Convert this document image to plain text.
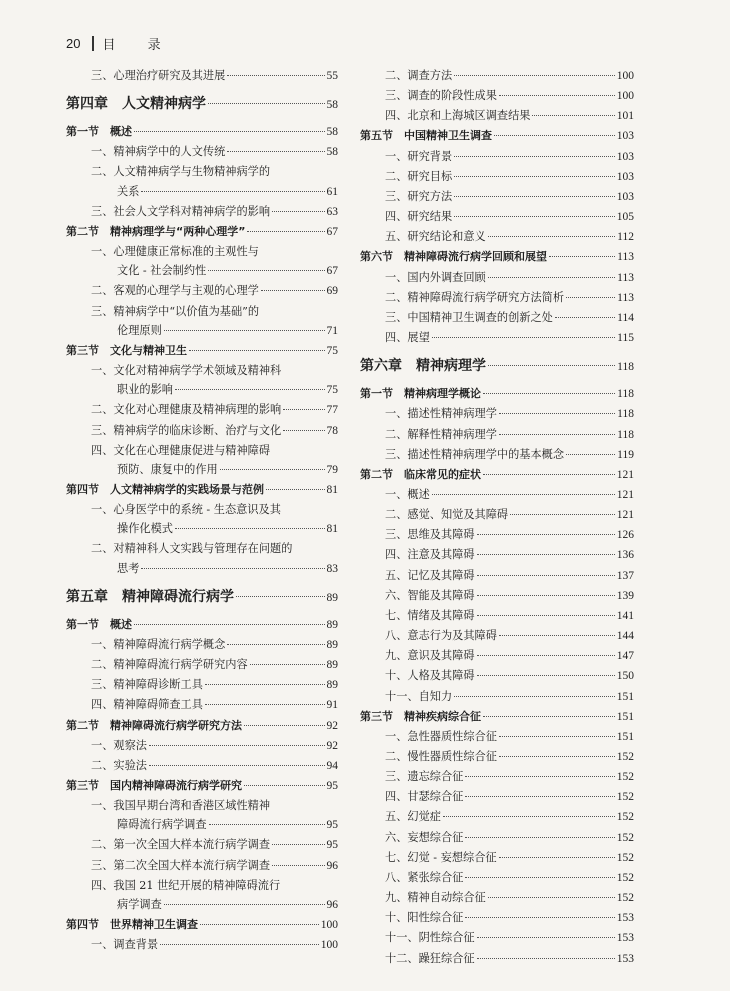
20 目 录
三、心理治疗研究及其进展	55
第四章　人文精神病学	58
第一节　概述	58
一、精神病学中的人文传统	58
二、人文精神病学与生物精神病学的
关系	61
三、社会人文学科对精神病学的影响	63
第二节　精神病理学与“两种心理学”	67
一、心理健康正常标准的主观性与
文化 - 社会制约性	67
二、客观的心理学与主观的心理学	69
三、精神病学中“以价值为基础”的
伦理原则	71
第三节　文化与精神卫生	75
一、文化对精神病学学术领域及精神科
职业的影响	75
二、文化对心理健康及精神病理的影响	77
三、精神病学的临床诊断、治疗与文化	78
四、文化在心理健康促进与精神障碍
预防、康复中的作用	79
第四节　人文精神病学的实践场景与范例	81
一、心身医学中的系统 - 生态意识及其
操作化模式	81
二、对精神科人文实践与管理存在问题的
思考	83
第五章　精神障碍流行病学	89
第一节　概述	89
一、精神障碍流行病学概念	89
二、精神障碍流行病学研究内容	89
三、精神障碍诊断工具	89
四、精神障碍筛查工具	91
第二节　精神障碍流行病学研究方法	92
一、观察法	92
二、实验法	94
第三节　国内精神障碍流行病学研究	95
一、我国早期台湾和香港区域性精神
障碍流行病学调查	95
二、第一次全国大样本流行病学调查	95
三、第二次全国大样本流行病学调查	96
四、我国 21 世纪开展的精神障碍流行
病学调查	96
第四节　世界精神卫生调查	100
一、调查背景	100
二、调查方法	100
三、调查的阶段性成果	100
四、北京和上海城区调查结果	101
第五节　中国精神卫生调查	103
一、研究背景	103
二、研究目标	103
三、研究方法	103
四、研究结果	105
五、研究结论和意义	112
第六节　精神障碍流行病学回顾和展望	113
一、国内外调查回顾	113
二、精神障碍流行病学研究方法简析	113
三、中国精神卫生调查的创新之处	114
四、展望	115
第六章　精神病理学	118
第一节　精神病理学概论	118
一、描述性精神病理学	118
二、解释性精神病理学	118
三、描述性精神病理学中的基本概念	119
第二节　临床常见的症状	121
一、概述	121
二、感觉、知觉及其障碍	121
三、思维及其障碍	126
四、注意及其障碍	136
五、记忆及其障碍	137
六、智能及其障碍	139
七、情绪及其障碍	141
八、意志行为及其障碍	144
九、意识及其障碍	147
十、人格及其障碍	150
十一、自知力	151
第三节　精神疾病综合征	151
一、急性器质性综合征	151
二、慢性器质性综合征	152
三、遗忘综合征	152
四、甘瑟综合征	152
五、幻觉症	152
六、妄想综合征	152
七、幻觉 - 妄想综合征	152
八、紧张综合征	152
九、精神自动综合征	152
十、阳性综合征	153
十一、阴性综合征	153
十二、躁狂综合征	153
